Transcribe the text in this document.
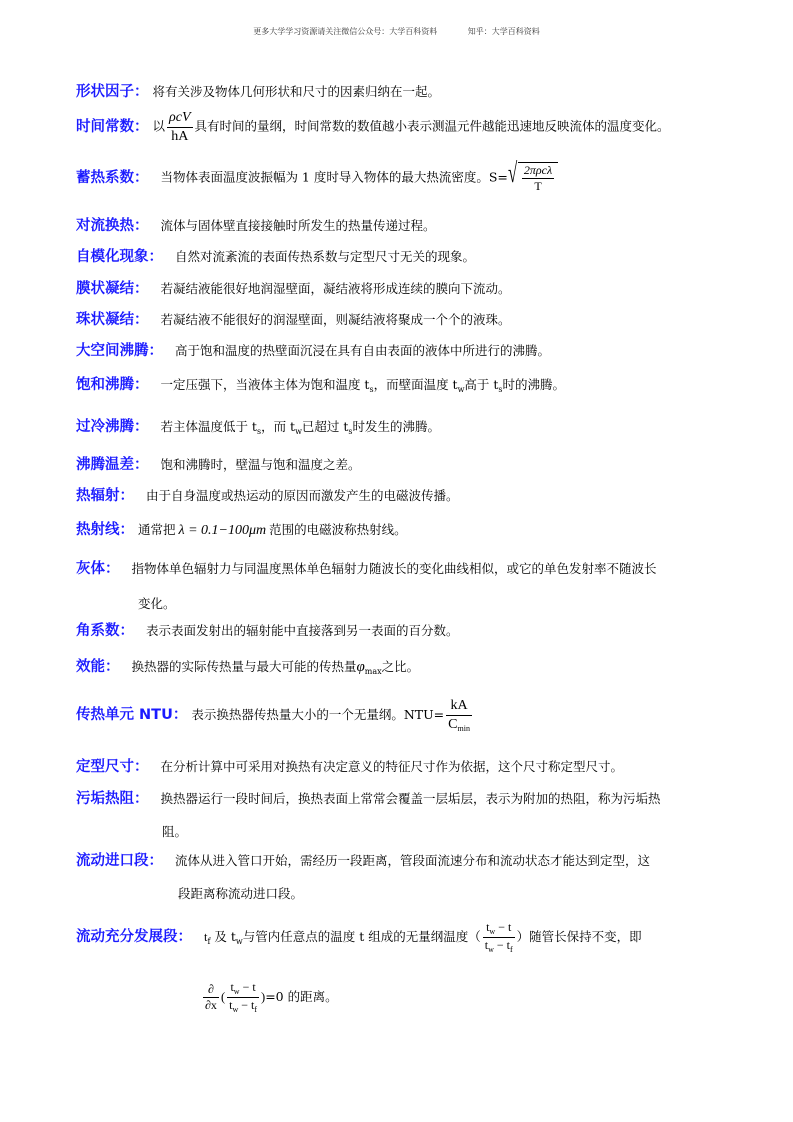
更多大学学习资源请关注微信公众号：大学百科资料	知乎：大学百科资料
形状因子： 将有关涉及物体几何形状和尺寸的因素归纳在一起。
时间常数： 以 $\frac{\text{ρcV}}{hA}$ 具有时间的量纲，时间常数的数值越小表示测温元件越能迅速地反映流体的温度变化。
蓄热系数： 当物体表面温度波振幅为 1 度时导入物体的最大热流密度。S= √ $\frac{\text{2πρcλ}}{T}$
对流换热： 流体与固体壁直接接触时所发生的热量传递过程。
自模化现象： 自然对流紊流的表面传热系数与定型尺寸无关的现象。
膜状凝结： 若凝结液能很好地润湿壁面，凝结液将形成连续的膜向下流动。
珠状凝结： 若凝结液不能很好的润湿壁面，则凝结液将聚成一个个的液珠。
大空间沸腾： 高于饱和温度的热壁面沉浸在具有自由表面的液体中所进行的沸腾。
饱和沸腾： 一定压强下，当液体主体为饱和温度 $t_s$，而壁面温度 $t_w$高于 $t_s$时的沸腾。
过冷沸腾： 若主体温度低于 $t_s$，而 $t_w$已超过 $t_s$时发生的沸腾。
沸腾温差： 饱和沸腾时，壁温与饱和温度之差。
热辐射： 由于自身温度或热运动的原因而激发产生的电磁波传播。
热射线： 通常把 λ = 0.1−100μm 范围的电磁波称热射线。
灰体： 指物体单色辐射力与同温度黑体单色辐射力随波长的变化曲线相似，或它的单色发射率不随波长
变化。
角系数： 表示表面发射出的辐射能中直接落到另一表面的百分数。
效能： 换热器的实际传热量与最大可能的传热量$\varphi_{max}$之比。
传热单元 NTU： 表示换热器传热量大小的一个无量纲。$NTU= \frac{kA}{C_{min}}$
定型尺寸： 在分析计算中可采用对换热有决定意义的特征尺寸作为依据，这个尺寸称定型尺寸。
污垢热阻： 换热器运行一段时间后，换热表面上常常会覆盖一层垢层，表示为附加的热阻，称为污垢热
阻。
流动进口段： 流体从进入管口开始，需经历一段距离，管段面流速分布和流动状态才能达到定型，这
段距离称流动进口段。
流动充分发展段： $t_f$ 及 $t_w$与管内任意点的温度 t 组成的无量纲温度（ $\frac{t_w - t}{t_w - t_f}$ ）随管长保持不变，即
$\frac{\partial}{\partial x}$ ( $\frac{t_w - t}{t_w - t_f} )=0$ 的距离。
